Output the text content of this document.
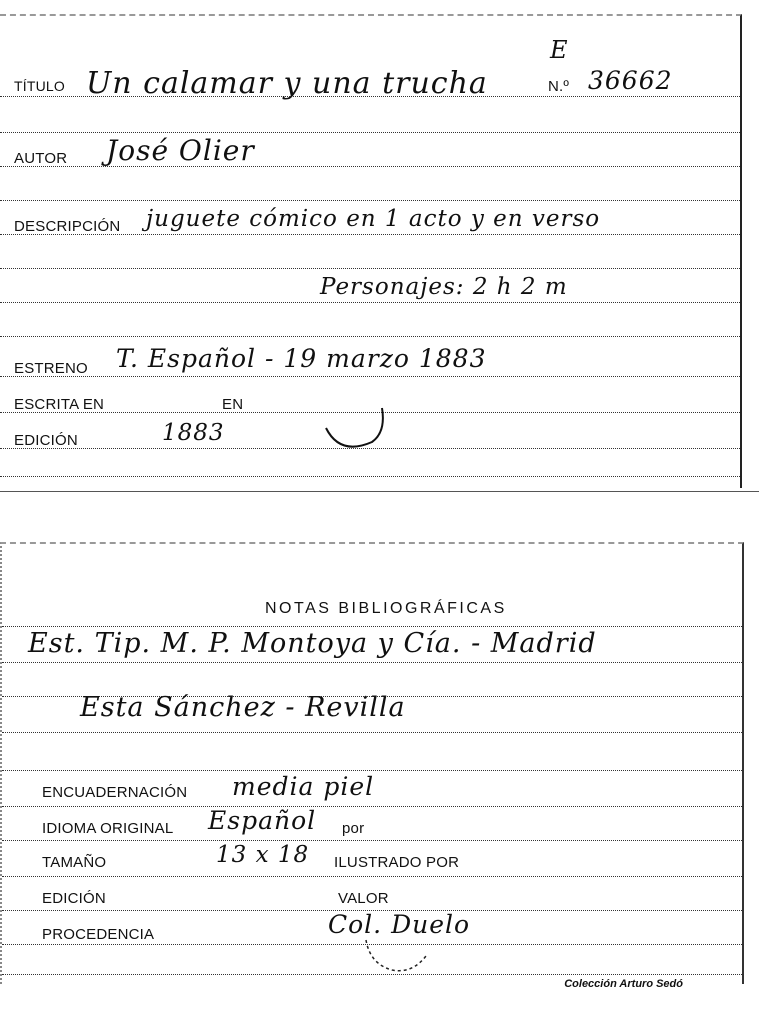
TÍTULO Un calamar y una trucha	N.º 36662
E
AUTOR José Olier
DESCRIPCIÓN juguete cómico en 1 acto y en verso
Personajes: 2 h 2 m
ESTRENO T. Español - 19 marzo 1883
ESCRITA EN	EN
EDICIÓN	1883
Est. Tip. M. P. Montoya y Cía. - Madrid
Esta Sánchez - Revilla
ENCUADERNACIÓN media piel
IDIOMA ORIGINAL Español por
TAMAÑO	13 x 18 ILUSTRADO POR
EDICIÓN	VALOR
PROCEDENCIA	Col. Duelo
NOTAS BIBLIOGRÁFICAS
Colección Arturo Sedó
